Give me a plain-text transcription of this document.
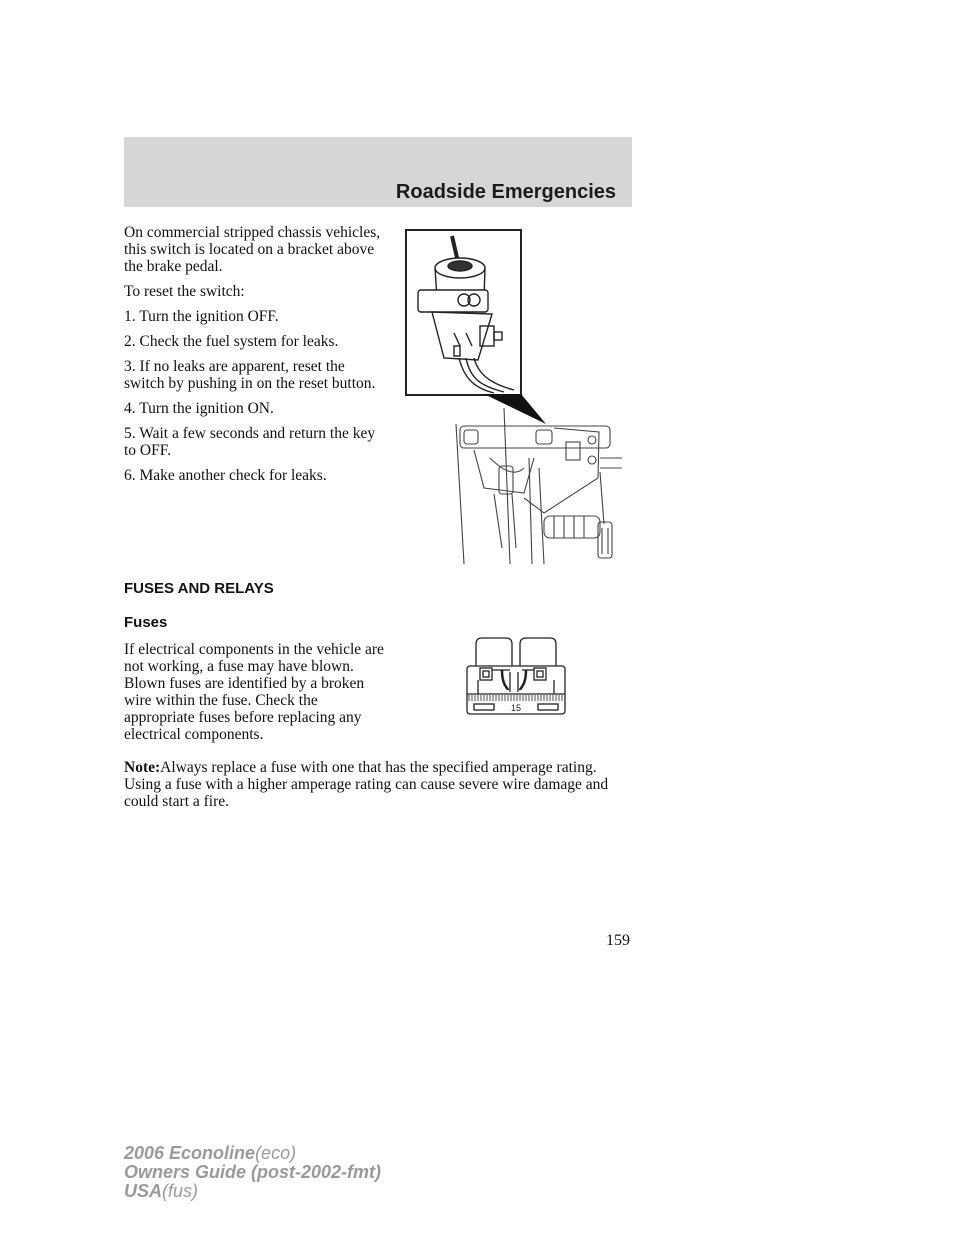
Roadside Emergencies

On commercial stripped chassis vehicles, this switch is located on a bracket above the brake pedal.

To reset the switch:

1. Turn the ignition OFF.

2. Check the fuel system for leaks.

3. If no leaks are apparent, reset the switch by pushing in on the reset button.

4. Turn the ignition ON.

5. Wait a few seconds and return the key to OFF.

6. Make another check for leaks.

FUSES AND RELAYS
Fuses

If electrical components in the vehicle are not working, a fuse may have blown. Blown fuses are identified by a broken wire within the fuse. Check the appropriate fuses before replacing any electrical components.

15
Note:Always replace a fuse with one that has the specified amperage rating. Using a fuse with a higher amperage rating can cause severe wire damage and could start a fire.
159
2006 Econoline(eco)
Owners Guide (post-2002-fmt)
USA(fus)
